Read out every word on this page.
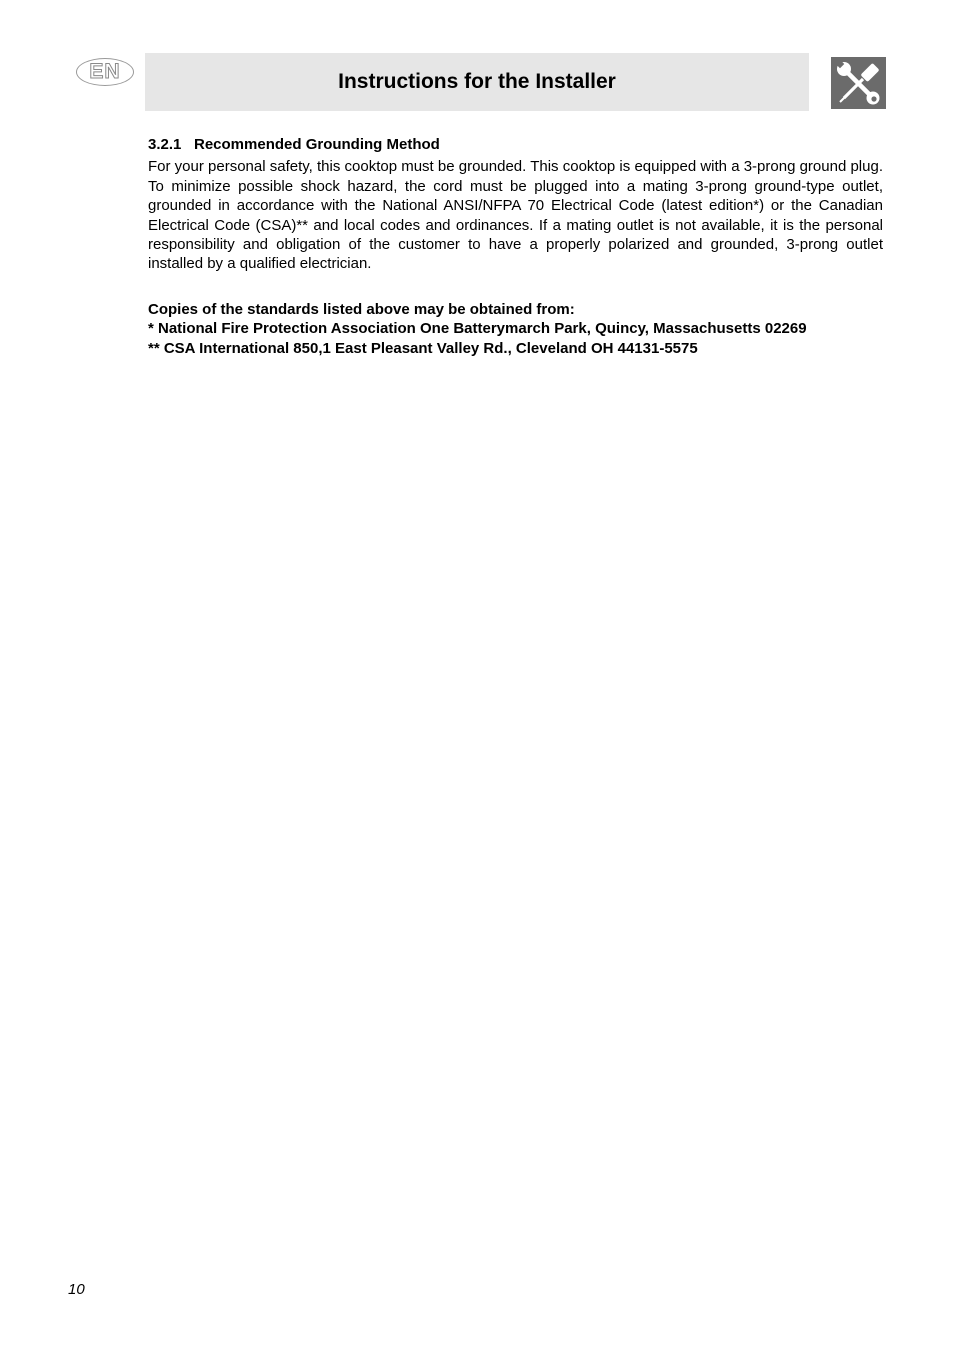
EN	Instructions for the Installer
3.2.1 Recommended Grounding Method

For your personal safety, this cooktop must be grounded. This cooktop is equipped with a 3-prong ground plug. To minimize possible shock hazard, the cord must be plugged into a mating 3-prong ground-type outlet, grounded in accordance with the National ANSI/NFPA 70 Electrical Code (latest edition*) or the Canadian Electrical Code (CSA)** and local codes and ordinances. If a mating outlet is not available, it is the personal responsibility and obligation of the customer to have a properly polarized and grounded, 3-prong outlet installed by a qualified electrician.

Copies of the standards listed above may be obtained from:
* National Fire Protection Association One Batterymarch Park, Quincy, Massachusetts 02269
** CSA International 850,1 East Pleasant Valley Rd., Cleveland OH 44131-5575
10
